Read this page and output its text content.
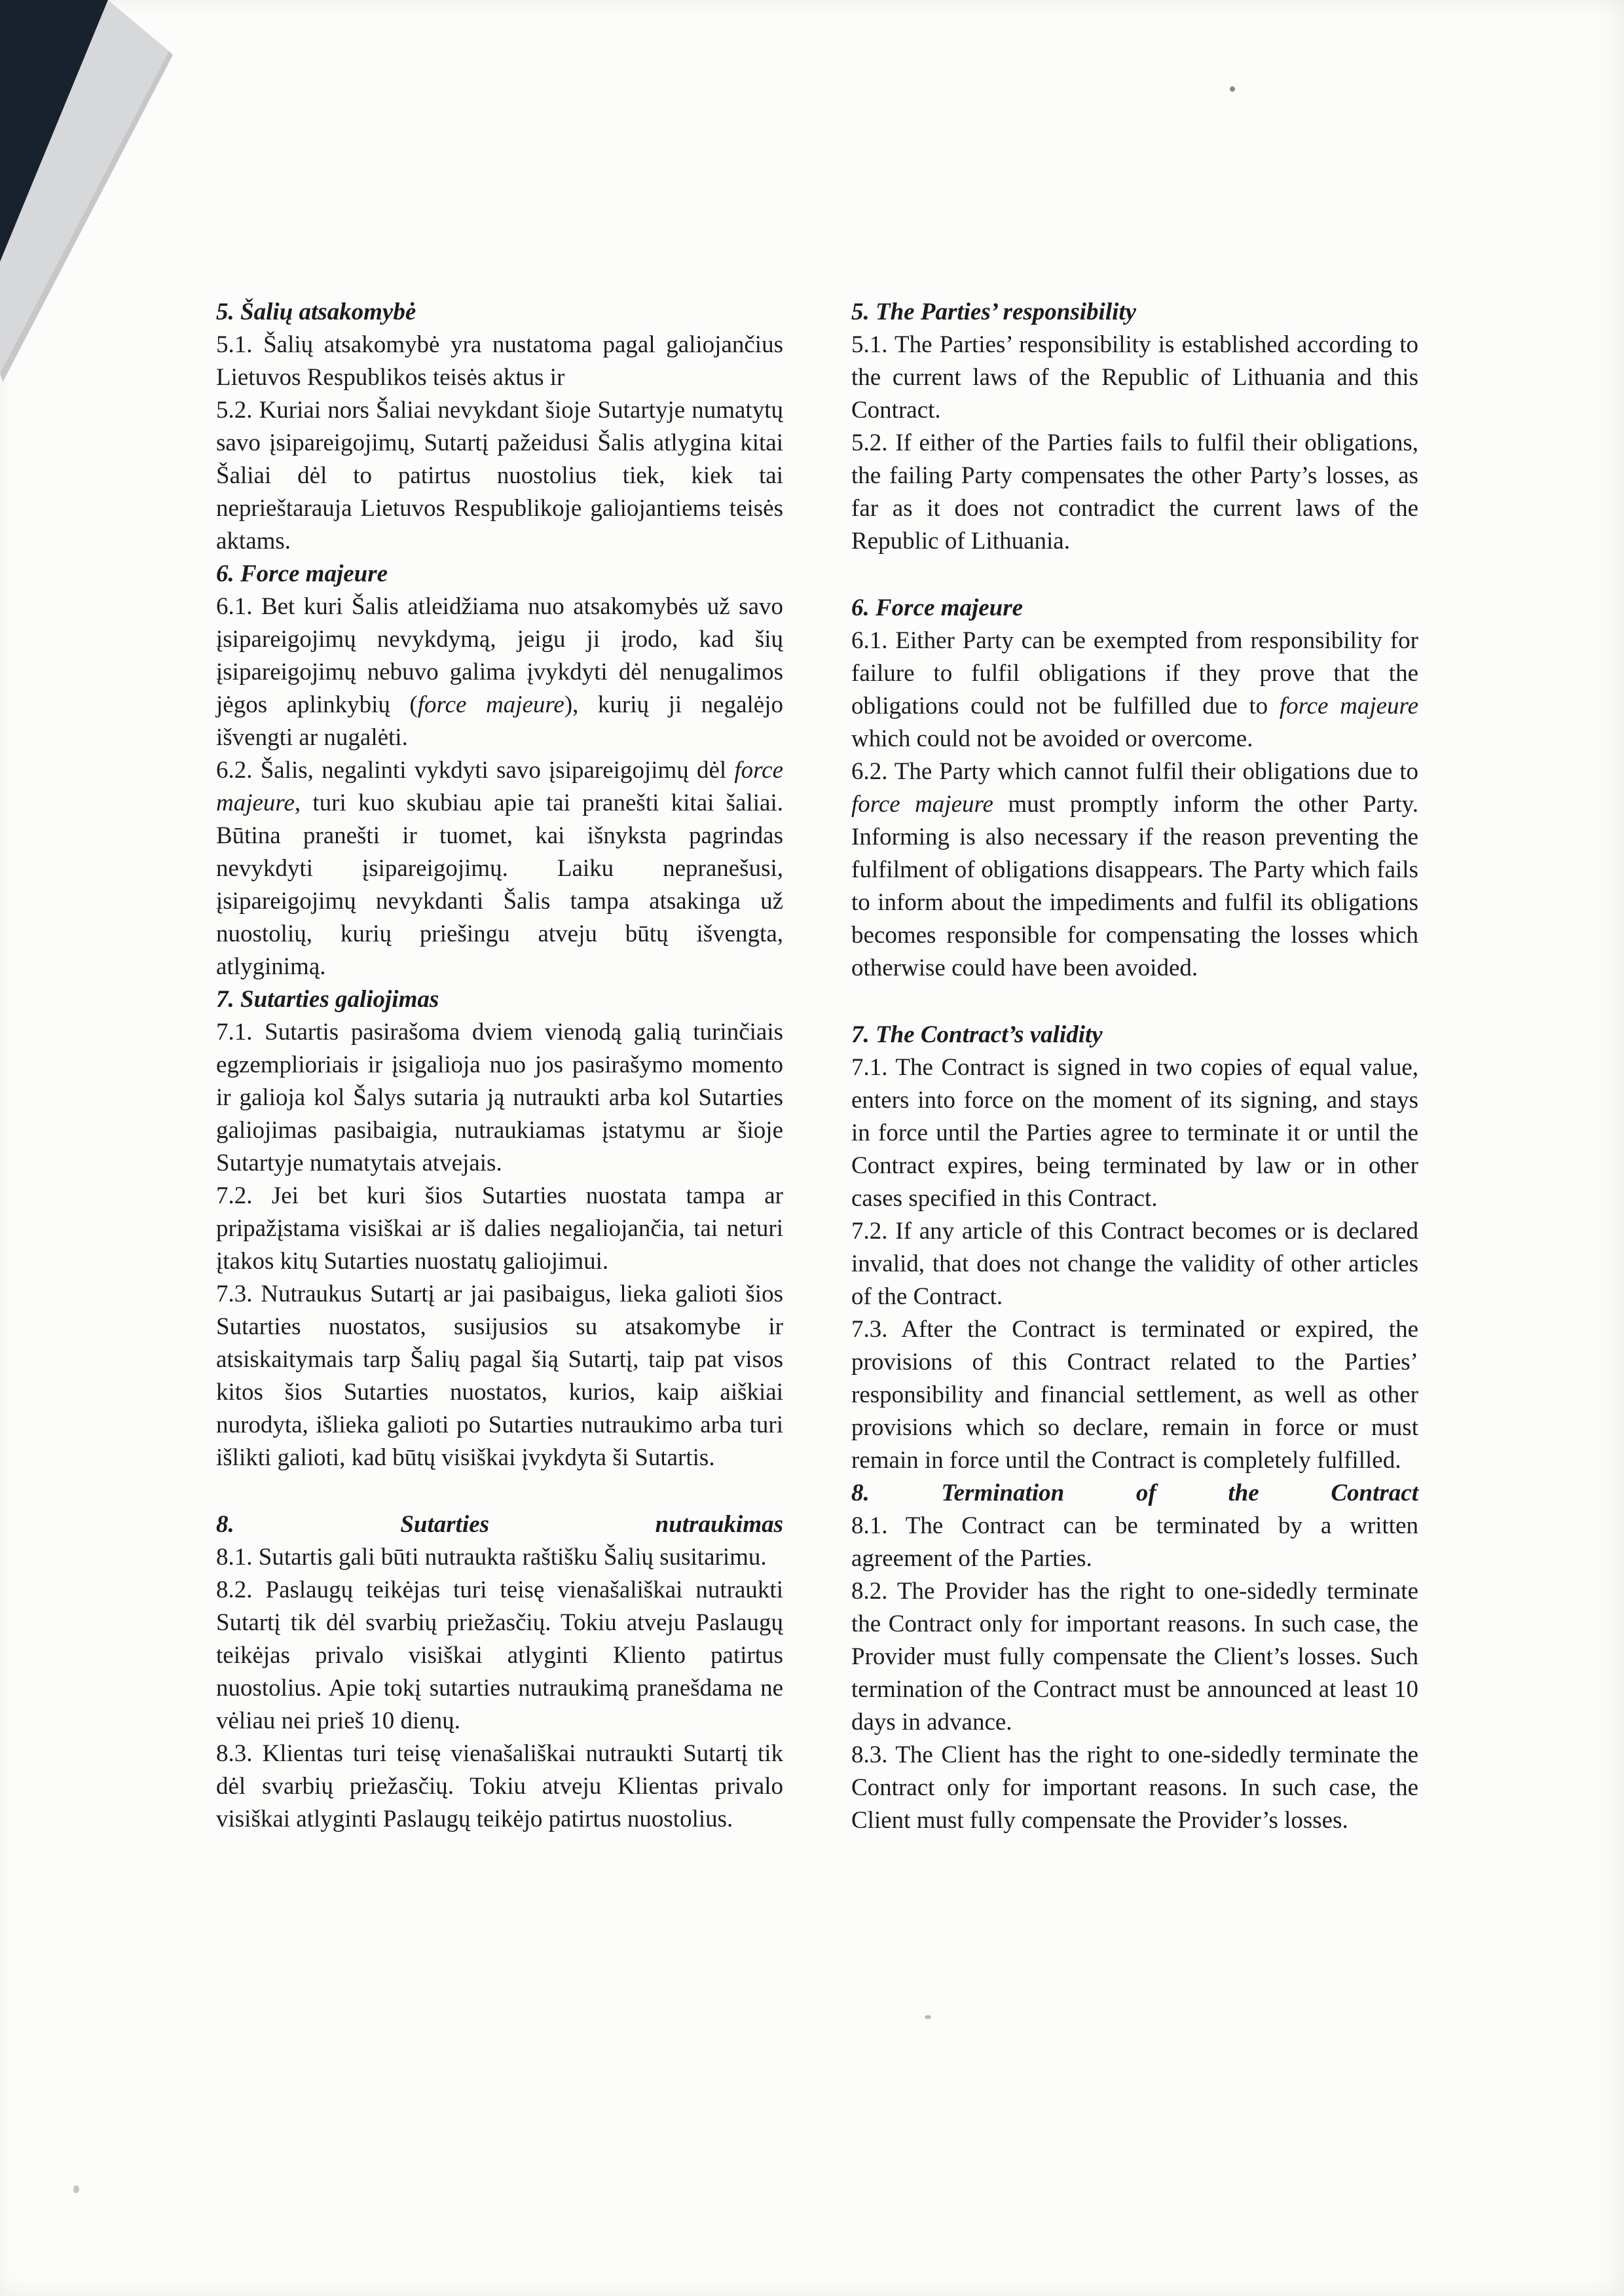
5. Šalių atsakomybė

5.1. Šalių atsakomybė yra nustatoma pagal galiojančius Lietuvos Respublikos teisės aktus ir

5.2. Kuriai nors Šaliai nevykdant šioje Sutartyje numatytų savo įsipareigojimų, Sutartį pažeidusi Šalis atlygina kitai Šaliai dėl to patirtus nuostolius tiek, kiek tai neprieštarauja Lietuvos Respublikoje galiojantiems teisės aktams.

6. Force majeure

6.1. Bet kuri Šalis atleidžiama nuo atsakomybės už savo įsipareigojimų nevykdymą, jeigu ji įrodo, kad šių įsipareigojimų nebuvo galima įvykdyti dėl nenugalimos jėgos aplinkybių (force majeure), kurių ji negalėjo išvengti ar nugalėti.

6.2. Šalis, negalinti vykdyti savo įsipareigojimų dėl force majeure, turi kuo skubiau apie tai pranešti kitai šaliai. Būtina pranešti ir tuomet, kai išnyksta pagrindas nevykdyti įsipareigojimų. Laiku nepranešusi, įsipareigojimų nevykdanti Šalis tampa atsakinga už nuostolių, kurių priešingu atveju būtų išvengta, atlyginimą.

7. Sutarties galiojimas

7.1. Sutartis pasirašoma dviem vienodą galią turinčiais egzemplioriais ir įsigalioja nuo jos pasirašymo momento ir galioja kol Šalys sutaria ją nutraukti arba kol Sutarties galiojimas pasibaigia, nutraukiamas įstatymu ar šioje Sutartyje numatytais atvejais.

7.2. Jei bet kuri šios Sutarties nuostata tampa ar pripažįstama visiškai ar iš dalies negaliojančia, tai neturi įtakos kitų Sutarties nuostatų galiojimui.

7.3. Nutraukus Sutartį ar jai pasibaigus, lieka galioti šios Sutarties nuostatos, susijusios su atsakomybe ir atsiskaitymais tarp Šalių pagal šią Sutartį, taip pat visos kitos šios Sutarties nuostatos, kurios, kaip aiškiai nurodyta, išlieka galioti po Sutarties nutraukimo arba turi išlikti galioti, kad būtų visiškai įvykdyta ši Sutartis.

8.	Sutarties	nutraukimas

8.1. Sutartis gali būti nutraukta raštišku Šalių susitarimu.

8.2. Paslaugų teikėjas turi teisę vienašališkai nutraukti Sutartį tik dėl svarbių priežasčių. Tokiu atveju Paslaugų teikėjas privalo visiškai atlyginti Kliento patirtus nuostolius. Apie tokį sutarties nutraukimą pranešdama ne vėliau nei prieš 10 dienų.

8.3. Klientas turi teisę vienašališkai nutraukti Sutartį tik dėl svarbių priežasčių. Tokiu atveju Klientas privalo visiškai atlyginti Paslaugų teikėjo patirtus nuostolius.

5. The Parties’ responsibility

5.1. The Parties’ responsibility is established according to the current laws of the Republic of Lithuania and this Contract.

5.2. If either of the Parties fails to fulfil their obligations, the failing Party compensates the other Party’s losses, as far as it does not contradict the current laws of the Republic of Lithuania.

6. Force majeure

6.1. Either Party can be exempted from responsibility for failure to fulfil obligations if they prove that the obligations could not be fulfilled due to force majeure which could not be avoided or overcome.

6.2. The Party which cannot fulfil their obligations due to force majeure must promptly inform the other Party. Informing is also necessary if the reason preventing the fulfilment of obligations disappears. The Party which fails to inform about the impediments and fulfil its obligations becomes responsible for compensating the losses which otherwise could have been avoided.

7. The Contract’s validity

7.1. The Contract is signed in two copies of equal value, enters into force on the moment of its signing, and stays in force until the Parties agree to terminate it or until the Contract expires, being terminated by law or in other cases specified in this Contract.

7.2. If any article of this Contract becomes or is declared invalid, that does not change the validity of other articles of the Contract.

7.3. After the Contract is terminated or expired, the provisions of this Contract related to the Parties’ responsibility and financial settlement, as well as other provisions which so declare, remain in force or must remain in force until the Contract is completely fulfilled.

8.	Termination	of	the	Contract

8.1. The Contract can be terminated by a written agreement of the Parties.

8.2. The Provider has the right to one-sidedly terminate the Contract only for important reasons. In such case, the Provider must fully compensate the Client’s losses. Such termination of the Contract must be announced at least 10 days in advance.

8.3. The Client has the right to one-sidedly terminate the Contract only for important reasons. In such case, the Client must fully compensate the Provider’s losses.
